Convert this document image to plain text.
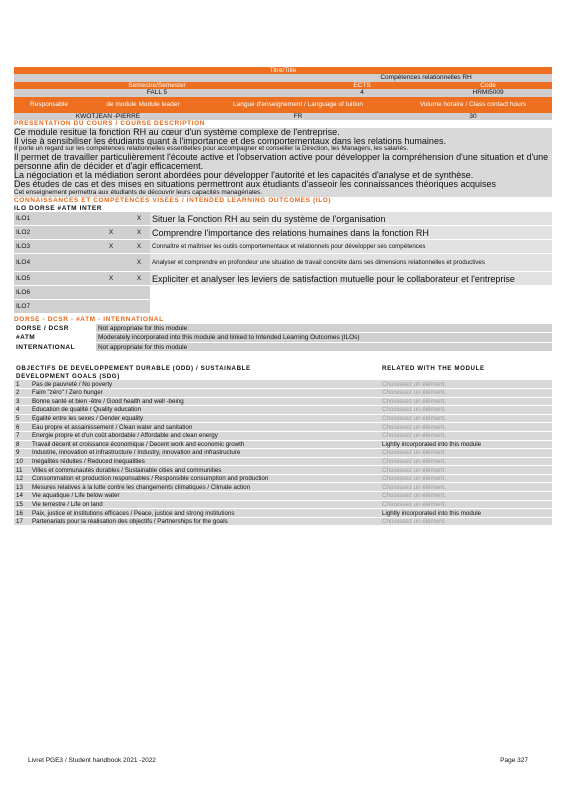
Titre/Title					
			Compétences relationnelles RH		
Semestre/Semester			ECTS		Code
FALL 5			4		HRMI5009
Responsable	de module Module leader	Langue d'enseignement / Language of tuition		Volume horaire / Class contact hours	
KWOTJEAN -PIERRE		FR		30	
PRESENTATION DU COURS / COURSE DESCRIPTION
Ce module resitue la fonction RH au cœur d'un système complexe de l'entreprise.
Il vise à sensibiliser les étudiants quant à l'importance et des comportementaux dans les relations humaines.
Il porte un regard sur les compétences relationnelles essentielles pour accompagner et conseiller la Direction, les Managers, les salariés.
Il permet de travailler particulièrement l'écoute active et l'observation active pour développer la compréhension d'une situation et d'une
personne afin de décider et d'agir efficacement.
La négociation et la médiation seront abordées pour développer l'autorité et les capacités d'analyse et de synthèse.
Des études de cas et des mises en situations permettront aux étudiants d'asseoir les connaissances théoriques acquises
Cet enseignement permettra aux étudiants de découvrir leurs capacités managériales.
CONNAISSANCES ET COMPETENCES VISEES / INTENDED LEARNING OUTCOMES (ILO)
ILO DORSE #ATM INTER
ILO1			X	Situer la Fonction RH au sein du système de l'organisation
ILO2		X	X	Comprendre l'importance des relations humaines dans la fonction RH
ILO3		X	X	Connaître et maîtriser les outils comportementaux et relationnels pour développer ses compétences
ILO4			X	Analyser et comprendre en profondeur une situation de travail concrète dans ses dimensions relationnelles et productives
ILO5		X	X	Expliciter et analyser les leviers de satisfaction mutuelle pour le collaborateur et l'entreprise
ILO6				
ILO7				
DORSE - DCSR - #ATM - INTERNATIONAL
DORSE / DCSR	Not appropriate for this module
#ATM	Moderately incorporated into this module and linked to Intended Learning Outcomes (ILOs)
INTERNATIONAL	Not appropriate for this module
OBJECTIFS DE DEVELOPPEMENT DURABLE (ODD) / SUSTAINABLE	RELATED WITH THE MODULE
DEVELOPMENT GOALS (SDG)
1	Pas de pauvreté / No poverty	Choisissez un élément.
2	Faim "zéro" / Zero hunger	Choisissez un élément.
3	Bonne santé et bien -être / Good health and well -being	Choisissez un élément.
4	Education de qualité / Quality education	Choisissez un élément.
5	Egalité entre les sexes / Gender equality	Choisissez un élément.
6	Eau propre et assainissement / Clean water and sanitation	Choisissez un élément.
7	Energie propre et d'un coût abordable / Affordable and clean energy	Choisissez un élément.
8	Travail décent et croissance économique / Decent work and economic growth	Lightly incorporated into this module
9	Industrie, innovation et infrastructure / Industry, innovation and infrastructure	Choisissez un élément.
10	Inégalités réduites / Reduced inequalities	Choisissez un élément.
11	Villes et communautés durables / Sustainable cities and communities	Choisissez un élément.
12	Consommation et production responsables / Responsible consumption and production	Choisissez un élément.
13	Mesures relatives à la lutte contre les changements climatiques / Climate action	Choisissez un élément.
14	Vie aquatique / Life below water	Choisissez un élément.
15	Vie terrestre / Life on land	Choisissez un élément.
16	Paix, justice et institutions efficaces / Peace, justice and strong institutions	Lightly incorporated into this module
17	Partenariats pour la réalisation des objectifs / Partnerships for the goals	Choisissez un élément.
Livret PGE3 / Student handbook 2021 -2022	Page 327
